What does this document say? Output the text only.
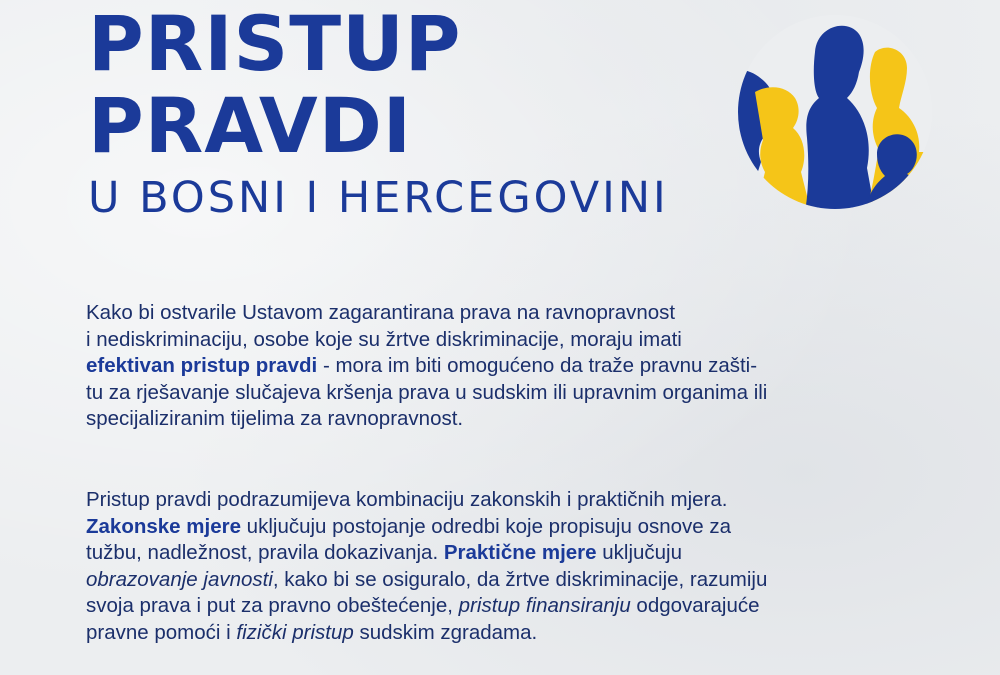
PRISTUP
PRAVDI
U BOSNI I HERCEGOVINI

Kako bi ostvarile Ustavom zagarantirana prava na ravnopravnost
i nediskriminaciju, osobe koje su žrtve diskriminacije, moraju imati
efektivan pristup pravdi - mora im biti omogućeno da traže pravnu zašti-
tu za rješavanje slučajeva kršenja prava u sudskim ili upravnim organima ili
specijaliziranim tijelima za ravnopravnost.

Pristup pravdi podrazumijeva kombinaciju zakonskih i praktičnih mjera.
Zakonske mjere uključuju postojanje odredbi koje propisuju osnove za
tužbu, nadležnost, pravila dokazivanja. Praktične mjere uključuju
obrazovanje javnosti, kako bi se osiguralo, da žrtve diskriminacije, razumiju
svoja prava i put za pravno obeštećenje, pristup finansiranju odgovarajuće
pravne pomoći i fizički pristup sudskim zgradama.
